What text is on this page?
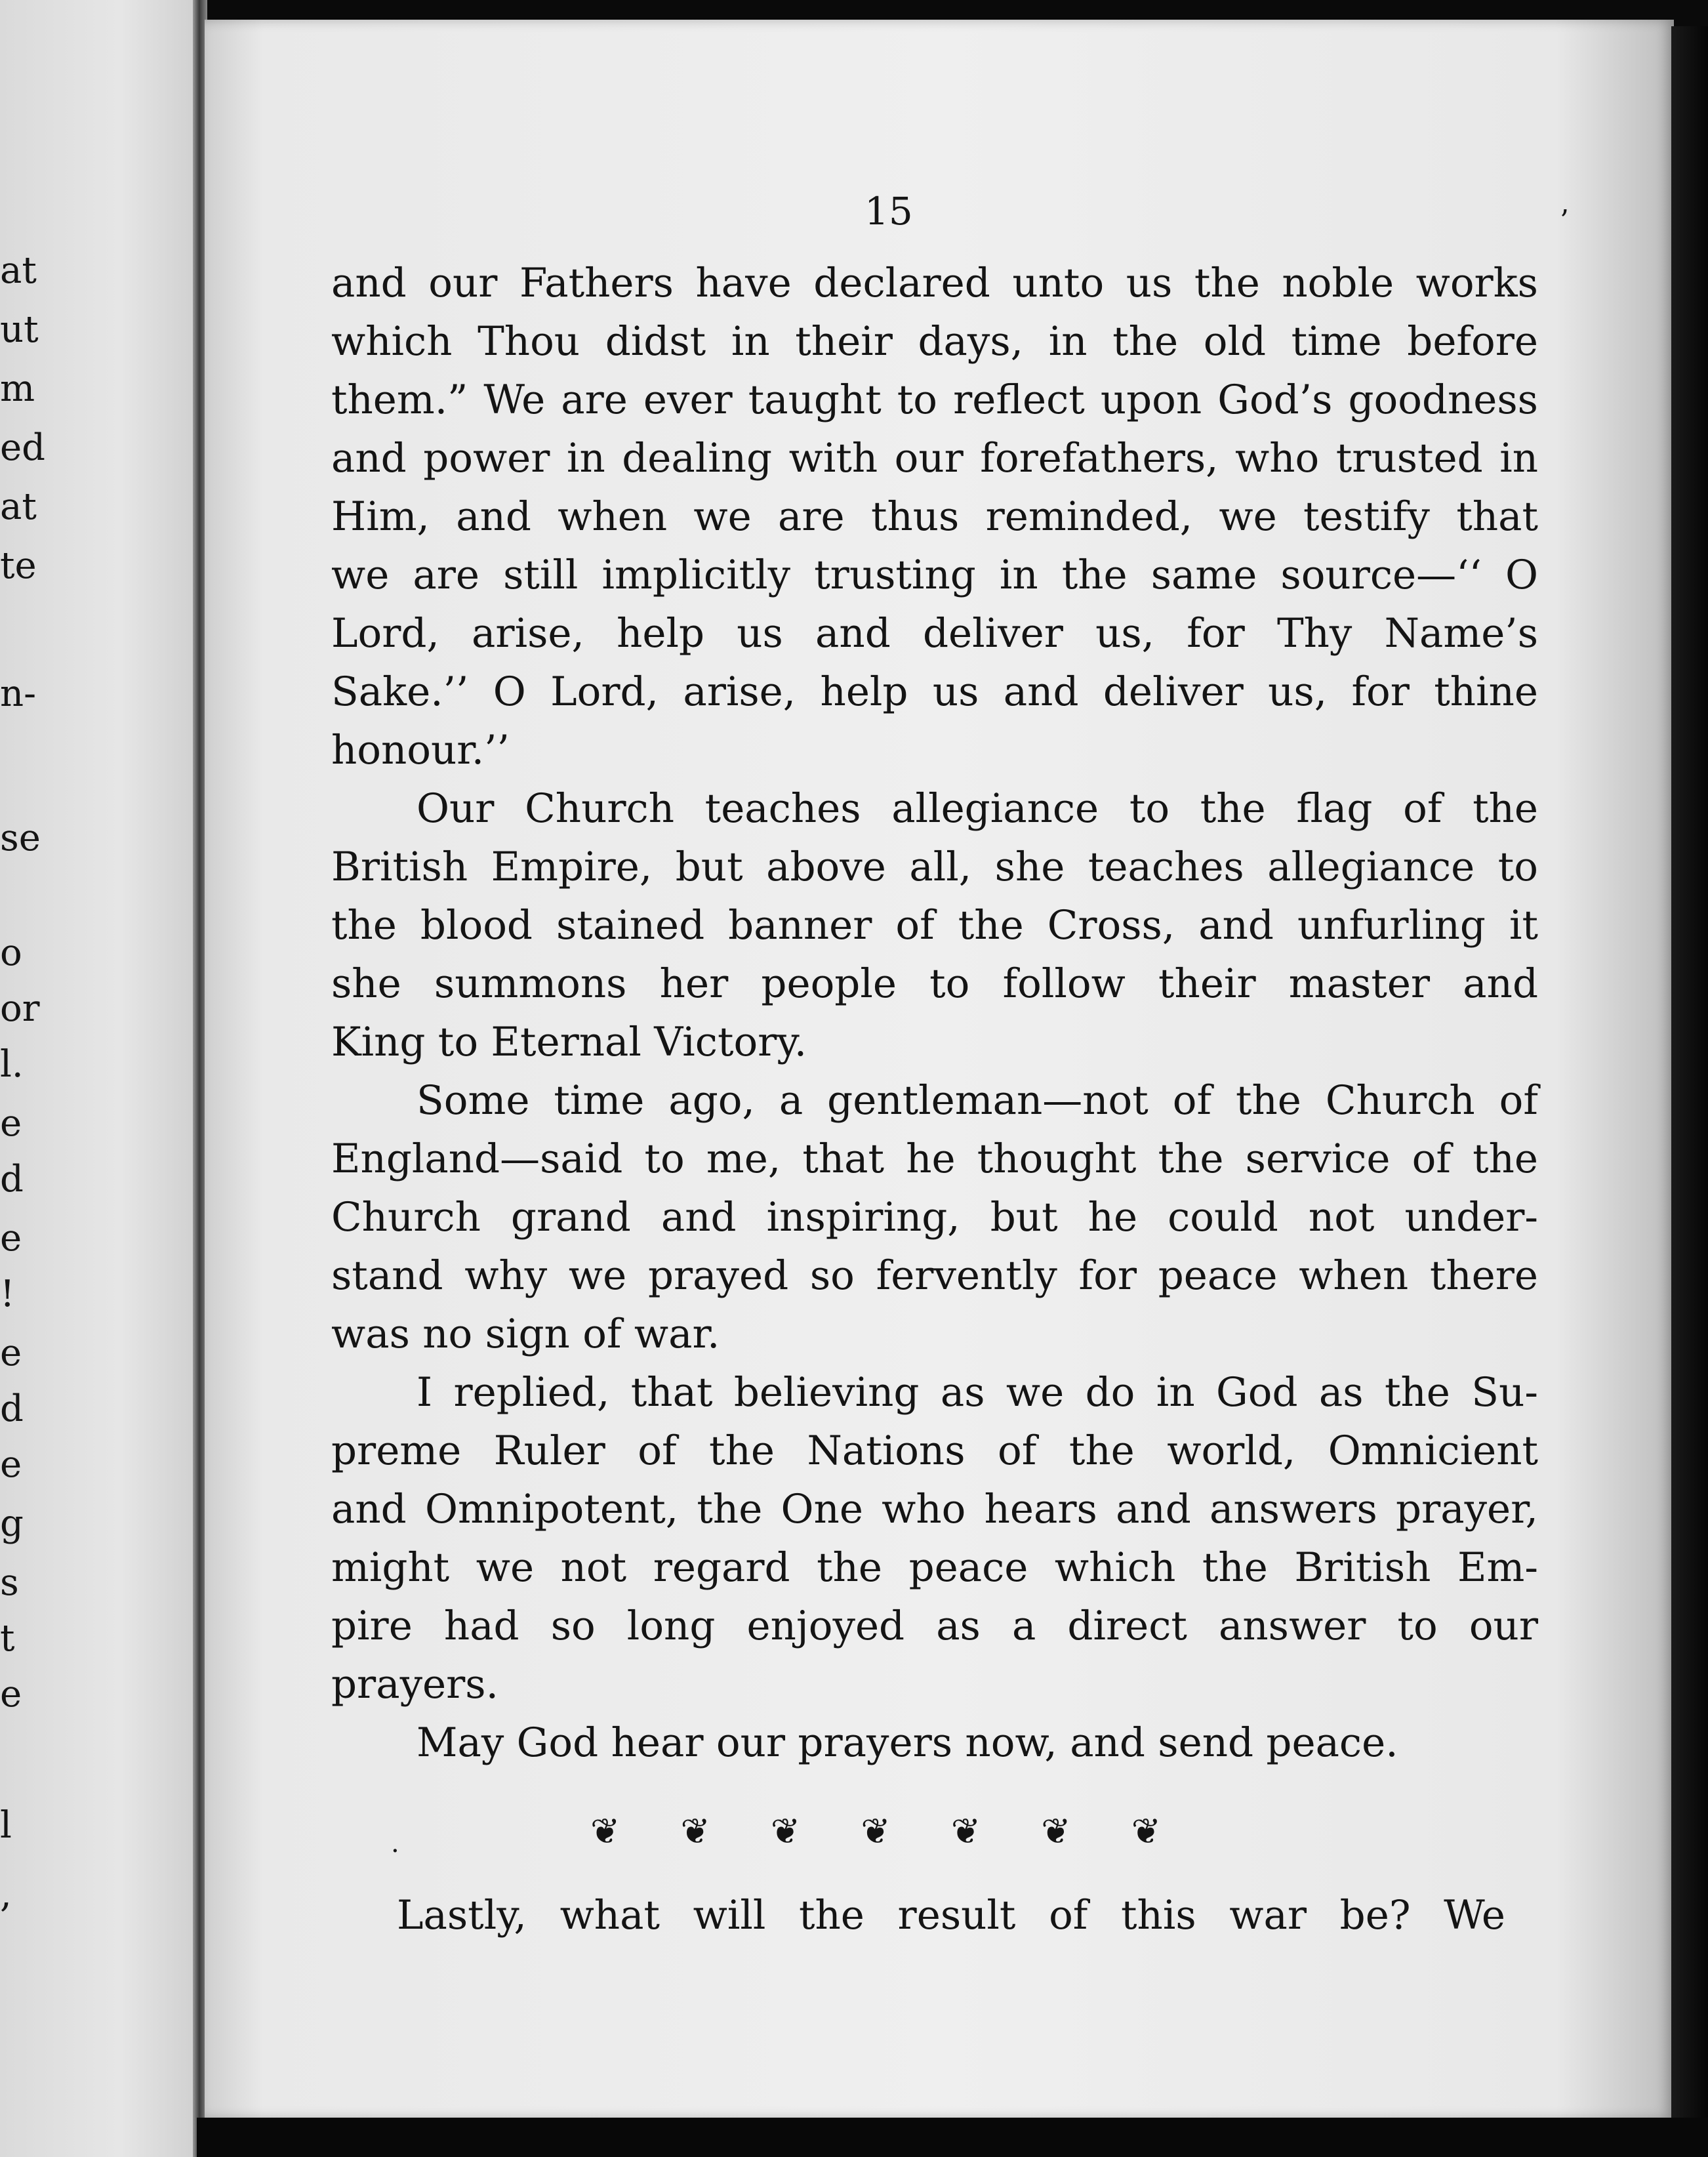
at
ut
m
ed
at
te
n-
se
o
or
l.
e
d
e
!
e
d
e
g
s
t
e
l
,
15	’
and our Fathers have declared unto us the noble works
which Thou didst in their days, in the old time before
them.” We are ever taught to reflect upon God’s goodness
and power in dealing with our forefathers, who trusted in
Him, and when we are thus reminded, we testify that
we are still implicitly trusting in the same source—‘‘ O
Lord, arise, help us and deliver us, for Thy Name’s
Sake.’’ O Lord, arise, help us and deliver us, for thine
honour.’’
Our Church teaches allegiance to the flag of the
British Empire, but above all, she teaches allegiance to
the blood stained banner of the Cross, and unfurling it
she summons her people to follow their master and
King to Eternal Victory.
Some time ago, a gentleman—not of the Church of
England—said to me, that he thought the service of the
Church grand and inspiring, but he could not under-
stand why we prayed so fervently for peace when there
was no sign of war.
I replied, that believing as we do in God as the Su-
preme Ruler of the Nations of the world, Omnicient
and Omnipotent, the One who hears and answers prayer,
might we not regard the peace which the British Em-
pire had so long enjoyed as a direct answer to our
prayers.
May God hear our prayers now, and send peace.
Lastly, what will the result of this war be? We
.	❦ ❦ ❦ ❦ ❦ ❦ ❦
